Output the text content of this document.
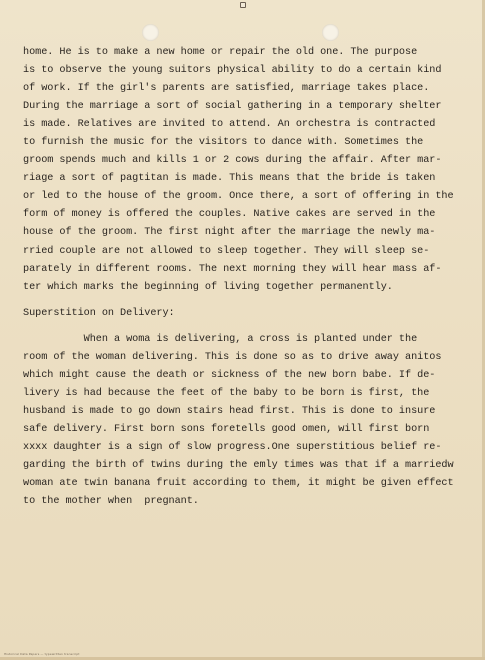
home. He is to make a new home or repair the old one. The purpose
is to observe the young suitors physical ability to do a certain kind
of work. If the girl's parents are satisfied, marriage takes place.
During the marriage a sort of social gathering in a temporary shelter
is made. Relatives are invited to attend. An orchestra is contracted
to furnish the music for the visitors to dance with. Sometimes the
groom spends much and kills 1 or 2 cows during the affair. After mar-
riage a sort of pagtitan is made. This means that the bride is taken
or led to the house of the groom. Once there, a sort of offering in the
form of money is offered the couples. Native cakes are served in the
house of the groom. The first night after the marriage the newly ma-
rried couple are not allowed to sleep together. They will sleep se-
parately in different rooms. The next morning they will hear mass af-
ter which marks the beginning of living together permanently.
Superstition on Delivery:
When a woma is delivering, a cross is planted under the
room of the woman delivering. This is done so as to drive away anitos
which might cause the death or sickness of the new born babe. If de-
livery is had because the feet of the baby to be born is first, the
husband is made to go down stairs head first. This is done to insure
safe delivery. First born sons foretells good omen, will first born
xxxx daughter is a sign of slow progress.One superstitious belief re-
garding the birth of twins during the emly times was that if a marriedw
woman ate twin banana fruit according to them, it might be given effect
to the mother when  pregnant.
Historical Data Papers — typewritten transcript
